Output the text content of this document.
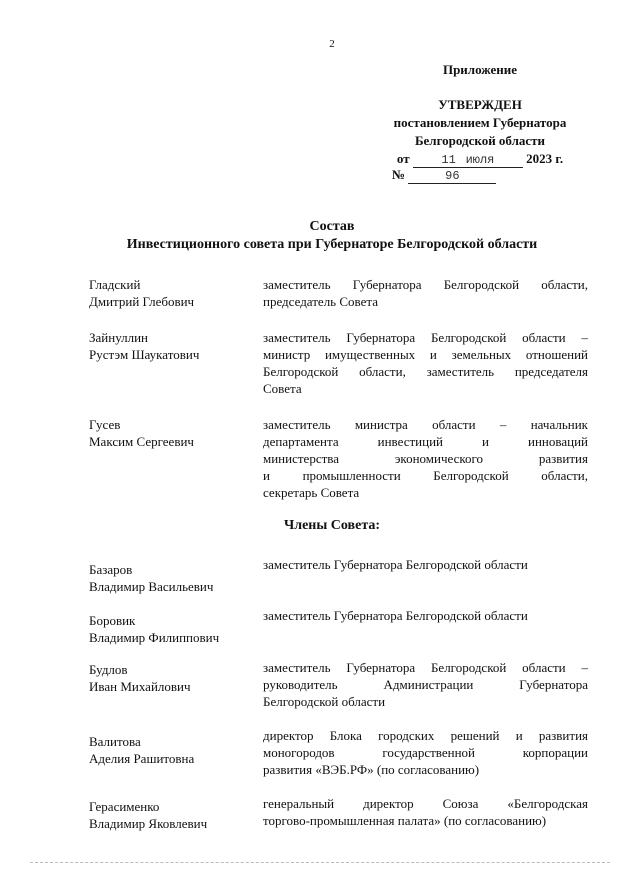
2
Приложение
УТВЕРЖДЕН
постановлением Губернатора
Белгородской области
от	11 июля 2023 г.
№	96
Состав
Инвестиционного совета при Губернаторе Белгородской области
Гладский
Дмитрий Глебович
заместитель Губернатора Белгородской области,
председатель Совета
Зайнуллин
Рустэм Шаукатович
заместитель Губернатора Белгородской области –
министр имущественных и земельных отношений
Белгородской области, заместитель председателя
Совета
Гусев
Максим Сергеевич
заместитель министра области – начальник
департамента инвестиций и инноваций
министерства экономического развития
и промышленности Белгородской области,
секретарь Совета
Члены Совета:
Базаров
Владимир Васильевич
заместитель Губернатора Белгородской области
Боровик
Владимир Филиппович
заместитель Губернатора Белгородской области
Будлов
Иван Михайлович
заместитель Губернатора Белгородской области –
руководитель Администрации Губернатора
Белгородской области
Валитова
Аделия Рашитовна
директор Блока городских решений и развития
моногородов государственной корпорации
развития «ВЭБ.РФ» (по согласованию)
Герасименко
Владимир Яковлевич
генеральный директор Союза «Белгородская
торгово-промышленная палата» (по согласованию)
